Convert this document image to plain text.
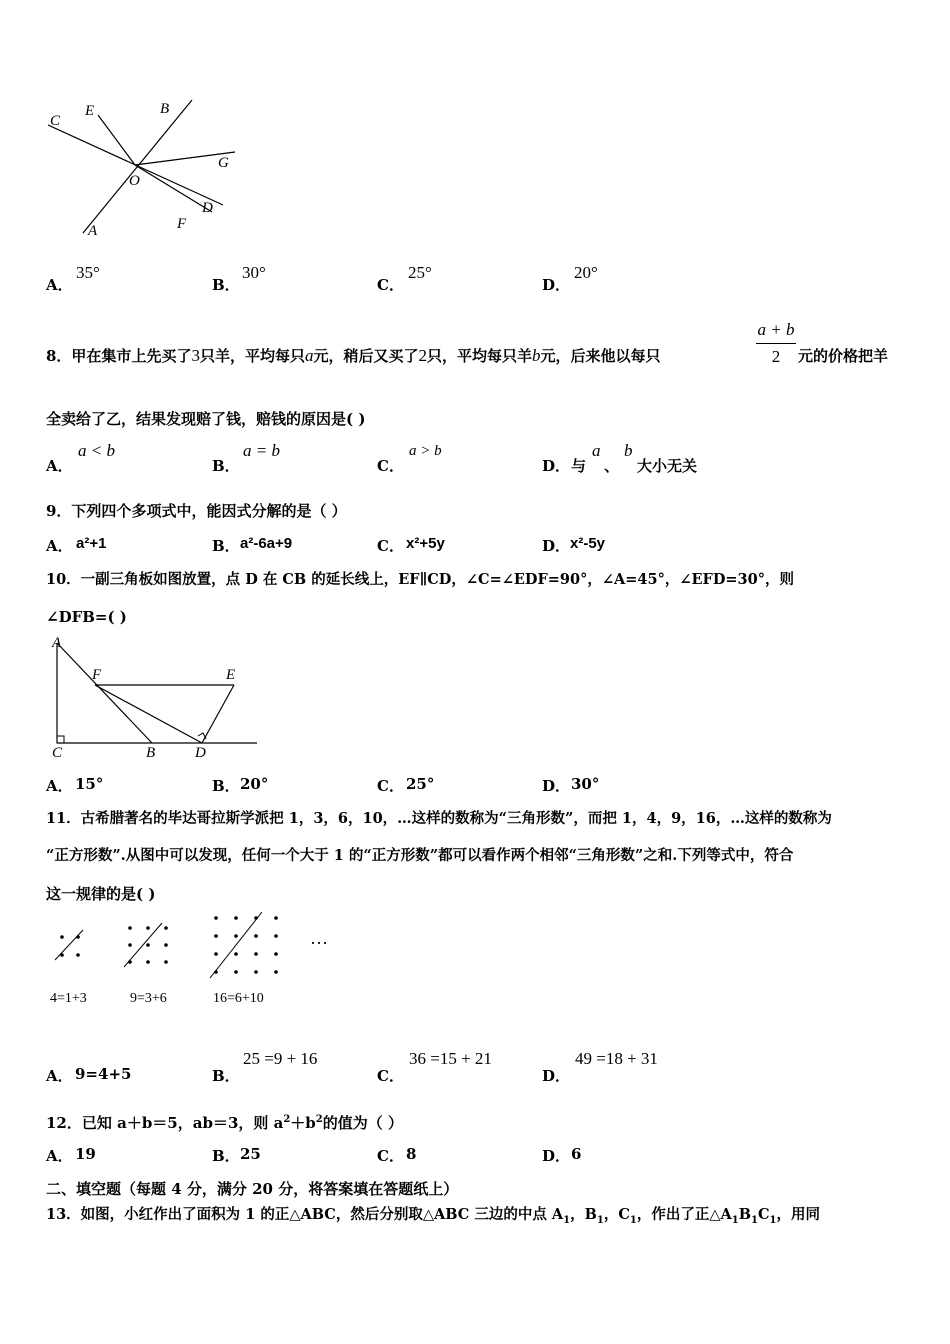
C
E	B
G
O
D
F
A
A．
35°
B．
30°
C．
25°
D．
20°
8．甲在集市上先买了3只羊，平均每只a元，稍后又买了2只，平均每只羊b元，后来他以每只
a + b
2	元的价格把羊
全卖给了乙，结果发现赔了钱，赔钱的原因是( )
A．
a < b
B．
a = b
C．
a > b
D． 与
a
、
b
大小无关
9．下列四个多项式中，能因式分解的是（ ）
A． a²+1	B． a²-6a+9	C． x²+5y	D． x²-5y
10．一副三角板如图放置，点 D 在 CB 的延长线上，EF∥CD，∠C=∠EDF=90°，∠A=45°，∠EFD=30°，则
∠DFB=( )
A
F	E
C	B	D
A． 15°	B． 20°	C． 25°	D． 30°
11．古希腊著名的毕达哥拉斯学派把 1，3，6，10，…这样的数称为“三角形数”，而把 1，4，9，16，…这样的数称为
“正方形数”.从图中可以发现，任何一个大于 1 的“正方形数”都可以看作两个相邻“三角形数”之和.下列等式中，符合
这一规律的是( )
…
4=1+3	9=3+6	16=6+10
A． 9=4+5	B．
25 =9 + 16
C．
36 =15 + 21
D．
49 =18 + 31
12．已知 a＋b＝5，ab＝3，则 $a^2+b^2$的值为（ ）
A． 19	B． 25	C． 8	D． 6
二、填空题（每题 4 分，满分 20 分，将答案填在答题纸上）
13．如图，小红作出了面积为 1 的正△ABC，然后分别取△ABC 三边的中点 $A_1$，$B_1$，$C_1$，作出了正$\triangle A_1B_1C_1$，用同
